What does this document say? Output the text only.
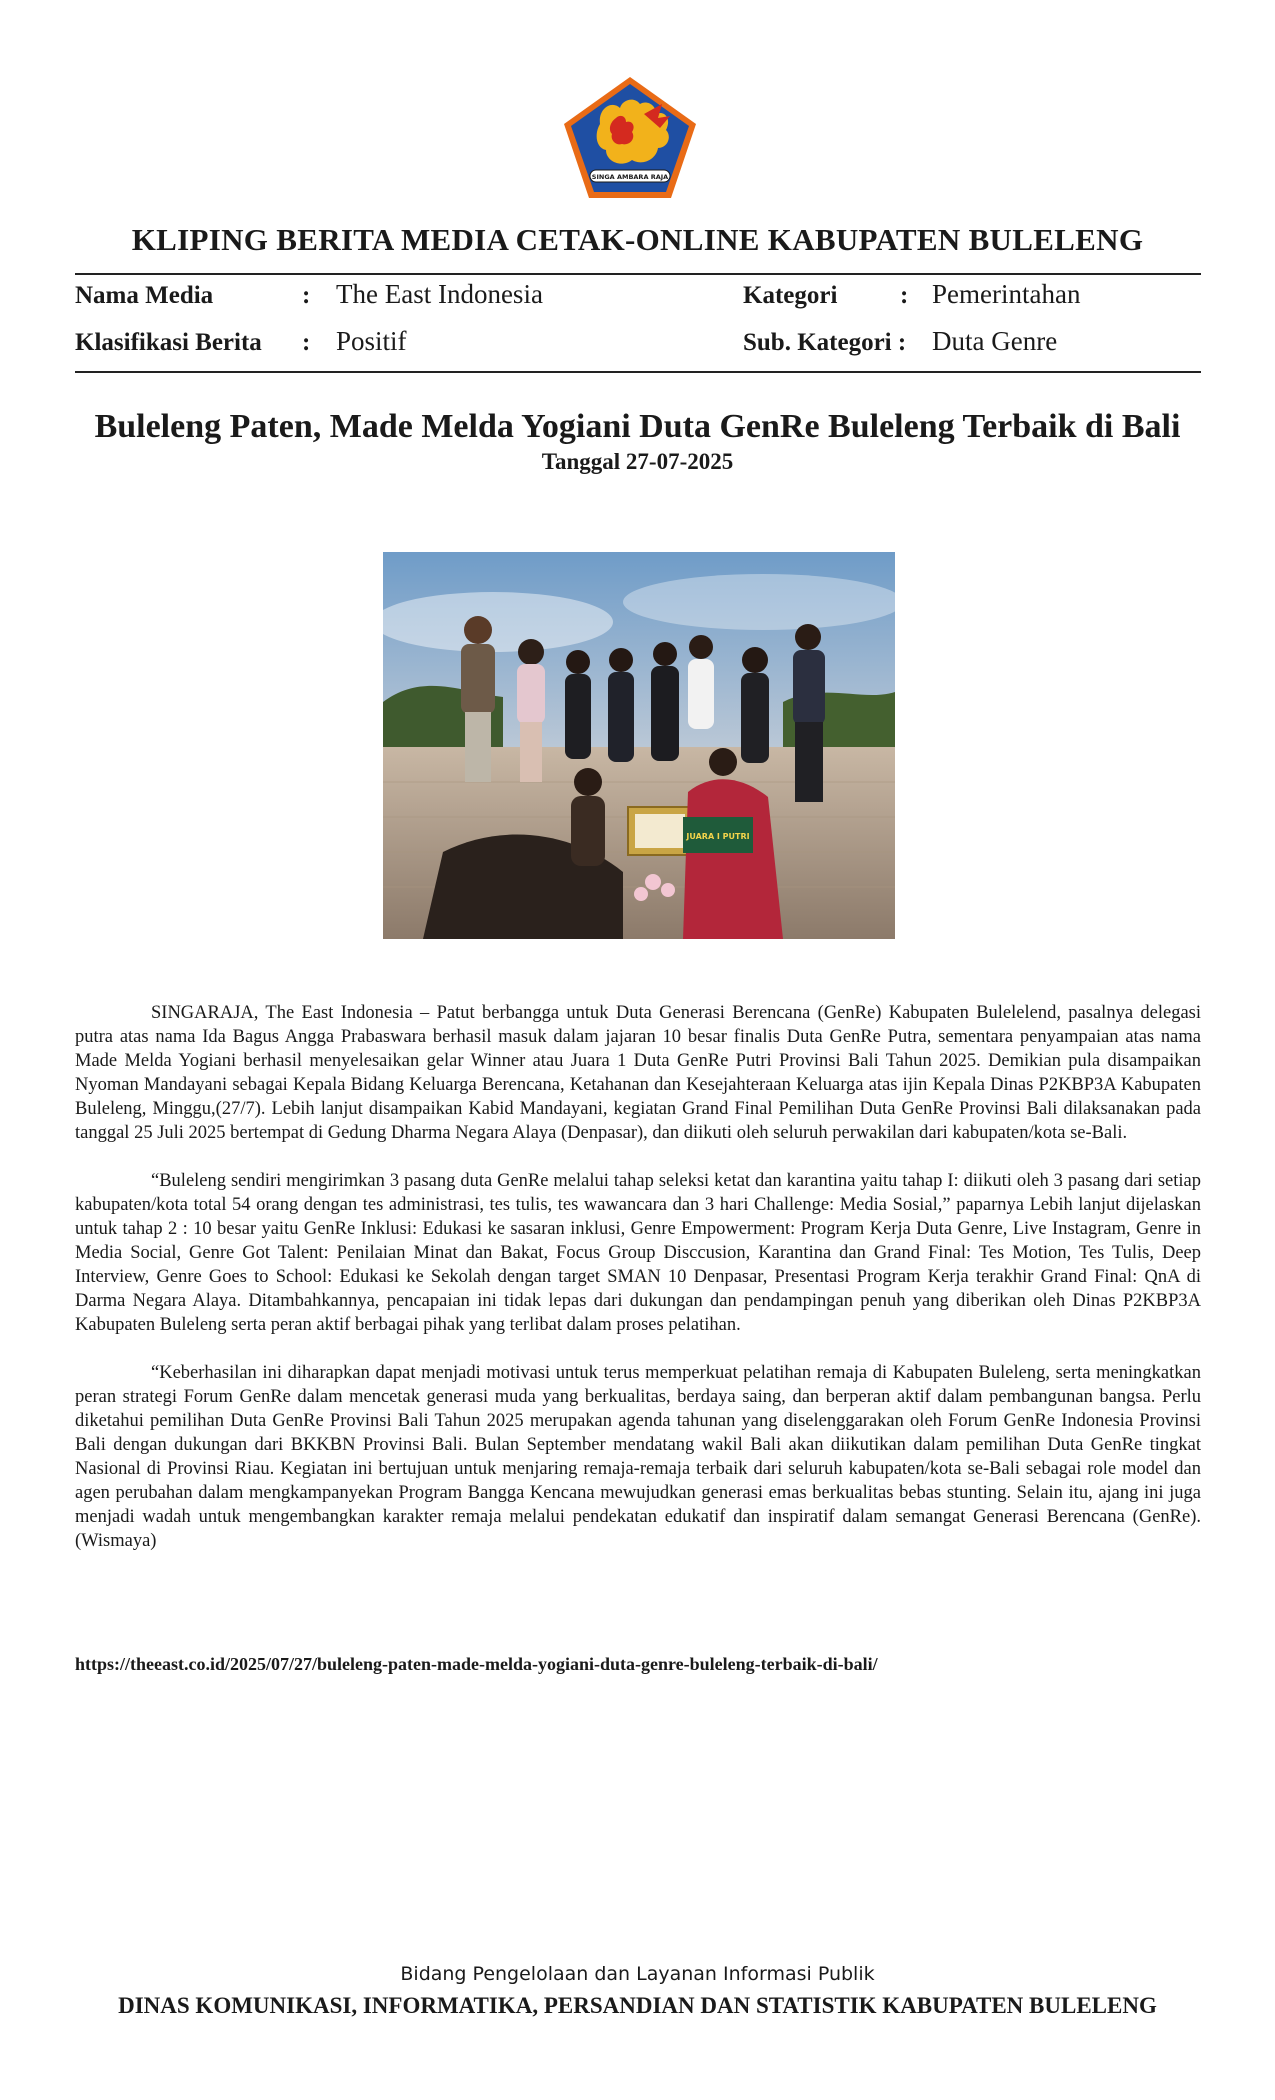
SINGA AMBARA RAJA
KLIPING BERITA MEDIA CETAK-ONLINE KABUPATEN BULELENG
Nama Media	: The East Indonesia	Kategori	: Pemerintahan
Klasifikasi Berita : Positif	Sub. Kategori : Duta Genre
Buleleng Paten, Made Melda Yogiani Duta GenRe Buleleng Terbaik di Bali
Tanggal 27-07-2025
JUARA I PUTRI

SINGARAJA, The East Indonesia – Patut berbangga untuk Duta Generasi Berencana (GenRe) Kabupaten Bulelelend, pasalnya delegasi putra atas nama Ida Bagus Angga Prabaswara berhasil masuk dalam jajaran 10 besar finalis Duta GenRe Putra, sementara penyampaian atas nama Made Melda Yogiani berhasil menyelesaikan gelar Winner atau Juara 1 Duta GenRe Putri Provinsi Bali Tahun 2025. Demikian pula disampaikan Nyoman Mandayani sebagai Kepala Bidang Keluarga Berencana, Ketahanan dan Kesejahteraan Keluarga atas ijin Kepala Dinas P2KBP3A Kabupaten Buleleng, Minggu,(27/7). Lebih lanjut disampaikan Kabid Mandayani, kegiatan Grand Final Pemilihan Duta GenRe Provinsi Bali dilaksanakan pada tanggal 25 Juli 2025 bertempat di Gedung Dharma Negara Alaya (Denpasar), dan diikuti oleh seluruh perwakilan dari kabupaten/kota se-Bali.

“Buleleng sendiri mengirimkan 3 pasang duta GenRe melalui tahap seleksi ketat dan karantina yaitu tahap I: diikuti oleh 3 pasang dari setiap kabupaten/kota total 54 orang dengan tes administrasi, tes tulis, tes wawancara dan 3 hari Challenge: Media Sosial,” paparnya Lebih lanjut dijelaskan untuk tahap 2 : 10 besar yaitu GenRe Inklusi: Edukasi ke sasaran inklusi, Genre Empowerment: Program Kerja Duta Genre, Live Instagram, Genre in Media Social, Genre Got Talent: Penilaian Minat dan Bakat, Focus Group Disccusion, Karantina dan Grand Final: Tes Motion, Tes Tulis, Deep Interview, Genre Goes to School: Edukasi ke Sekolah dengan target SMAN 10 Denpasar, Presentasi Program Kerja terakhir Grand Final: QnA di Darma Negara Alaya. Ditambahkannya, pencapaian ini tidak lepas dari dukungan dan pendampingan penuh yang diberikan oleh Dinas P2KBP3A Kabupaten Buleleng serta peran aktif berbagai pihak yang terlibat dalam proses pelatihan.

“Keberhasilan ini diharapkan dapat menjadi motivasi untuk terus memperkuat pelatihan remaja di Kabupaten Buleleng, serta meningkatkan peran strategi Forum GenRe dalam mencetak generasi muda yang berkualitas, berdaya saing, dan berperan aktif dalam pembangunan bangsa. Perlu diketahui pemilihan Duta GenRe Provinsi Bali Tahun 2025 merupakan agenda tahunan yang diselenggarakan oleh Forum GenRe Indonesia Provinsi Bali dengan dukungan dari BKKBN Provinsi Bali. Bulan September mendatang wakil Bali akan diikutikan dalam pemilihan Duta GenRe tingkat Nasional di Provinsi Riau. Kegiatan ini bertujuan untuk menjaring remaja-remaja terbaik dari seluruh kabupaten/kota se-Bali sebagai role model dan agen perubahan dalam mengkampanyekan Program Bangga Kencana mewujudkan generasi emas berkualitas bebas stunting. Selain itu, ajang ini juga menjadi wadah untuk mengembangkan karakter remaja melalui pendekatan edukatif dan inspiratif dalam semangat Generasi Berencana (GenRe).(Wismaya)

https://theeast.co.id/2025/07/27/buleleng-paten-made-melda-yogiani-duta-genre-buleleng-terbaik-di-bali/
Bidang Pengelolaan dan Layanan Informasi Publik
DINAS KOMUNIKASI, INFORMATIKA, PERSANDIAN DAN STATISTIK KABUPATEN BULELENG
